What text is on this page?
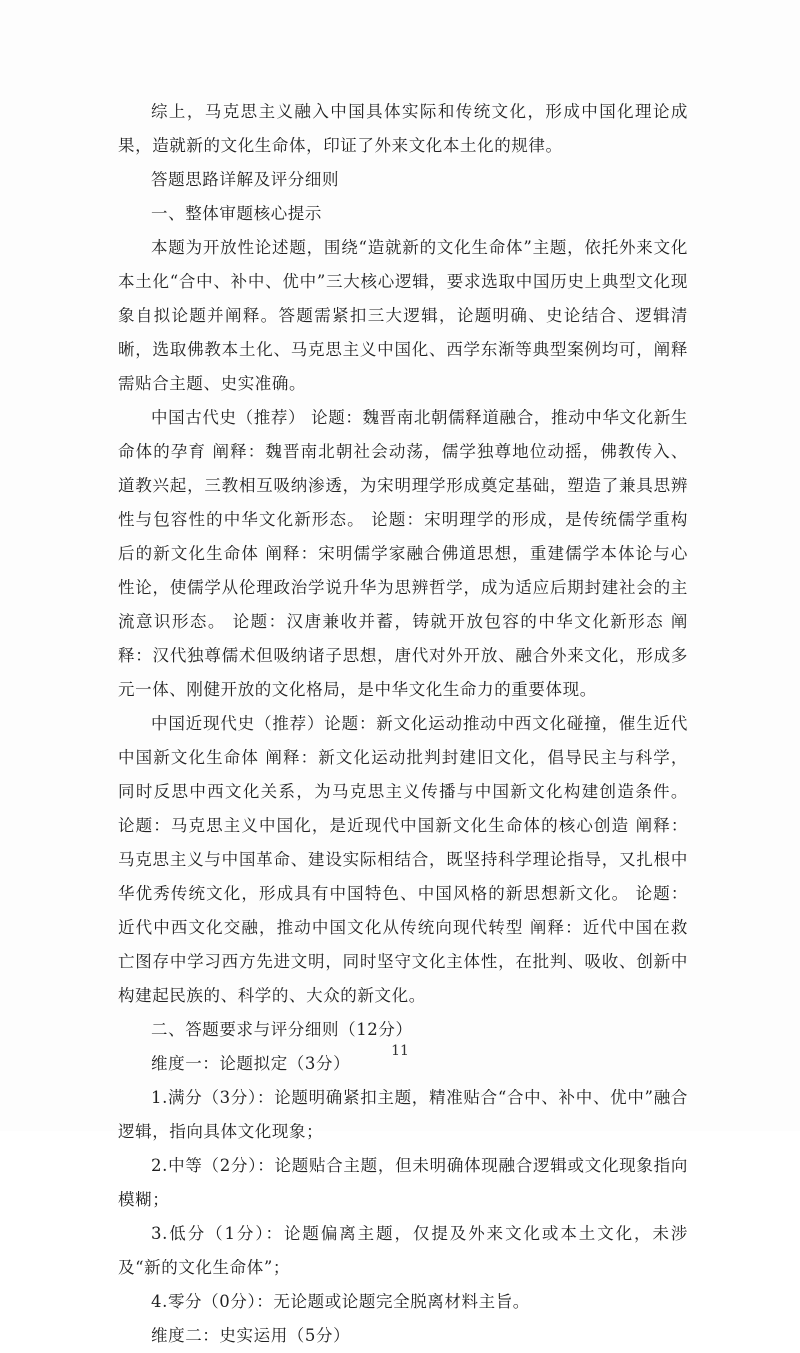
综上，马克思主义融入中国具体实际和传统文化，形成中国化理论成果，造就新的文化生命体，印证了外来文化本土化的规律。

答题思路详解及评分细则

一、整体审题核心提示

本题为开放性论述题，围绕“造就新的文化生命体”主题，依托外来文化本土化“合中、补中、优中”三大核心逻辑，要求选取中国历史上典型文化现象自拟论题并阐释。答题需紧扣三大逻辑，论题明确、史论结合、逻辑清晰，选取佛教本土化、马克思主义中国化、西学东渐等典型案例均可，阐释需贴合主题、史实准确。

中国古代史（推荐） 论题：魏晋南北朝儒释道融合，推动中华文化新生命体的孕育 阐释：魏晋南北朝社会动荡，儒学独尊地位动摇，佛教传入、道教兴起，三教相互吸纳渗透，为宋明理学形成奠定基础，塑造了兼具思辨性与包容性的中华文化新形态。 论题：宋明理学的形成，是传统儒学重构后的新文化生命体 阐释：宋明儒学家融合佛道思想，重建儒学本体论与心性论，使儒学从伦理政治学说升华为思辨哲学，成为适应后期封建社会的主流意识形态。 论题：汉唐兼收并蓄，铸就开放包容的中华文化新形态 阐释：汉代独尊儒术但吸纳诸子思想，唐代对外开放、融合外来文化，形成多元一体、刚健开放的文化格局，是中华文化生命力的重要体现。

中国近现代史（推荐）论题：新文化运动推动中西文化碰撞，催生近代中国新文化生命体 阐释：新文化运动批判封建旧文化，倡导民主与科学，同时反思中西文化关系，为马克思主义传播与中国新文化构建创造条件。 论题：马克思主义中国化，是近现代中国新文化生命体的核心创造 阐释：马克思主义与中国革命、建设实际相结合，既坚持科学理论指导，又扎根中华优秀传统文化，形成具有中国特色、中国风格的新思想新文化。 论题：近代中西文化交融，推动中国文化从传统向现代转型 阐释：近代中国在救亡图存中学习西方先进文明，同时坚守文化主体性，在批判、吸收、创新中构建起民族的、科学的、大众的新文化。

二、答题要求与评分细则（12分）

维度一：论题拟定（3分）

1.满分（3分）：论题明确紧扣主题，精准贴合“合中、补中、优中”融合逻辑，指向具体文化现象；

2.中等（2分）：论题贴合主题，但未明确体现融合逻辑或文化现象指向模糊；

3.低分（1分）：论题偏离主题，仅提及外来文化或本土文化，未涉及“新的文化生命体”；

4.零分（0分）：无论题或论题完全脱离材料主旨。

维度二：史实运用（5分）

11
